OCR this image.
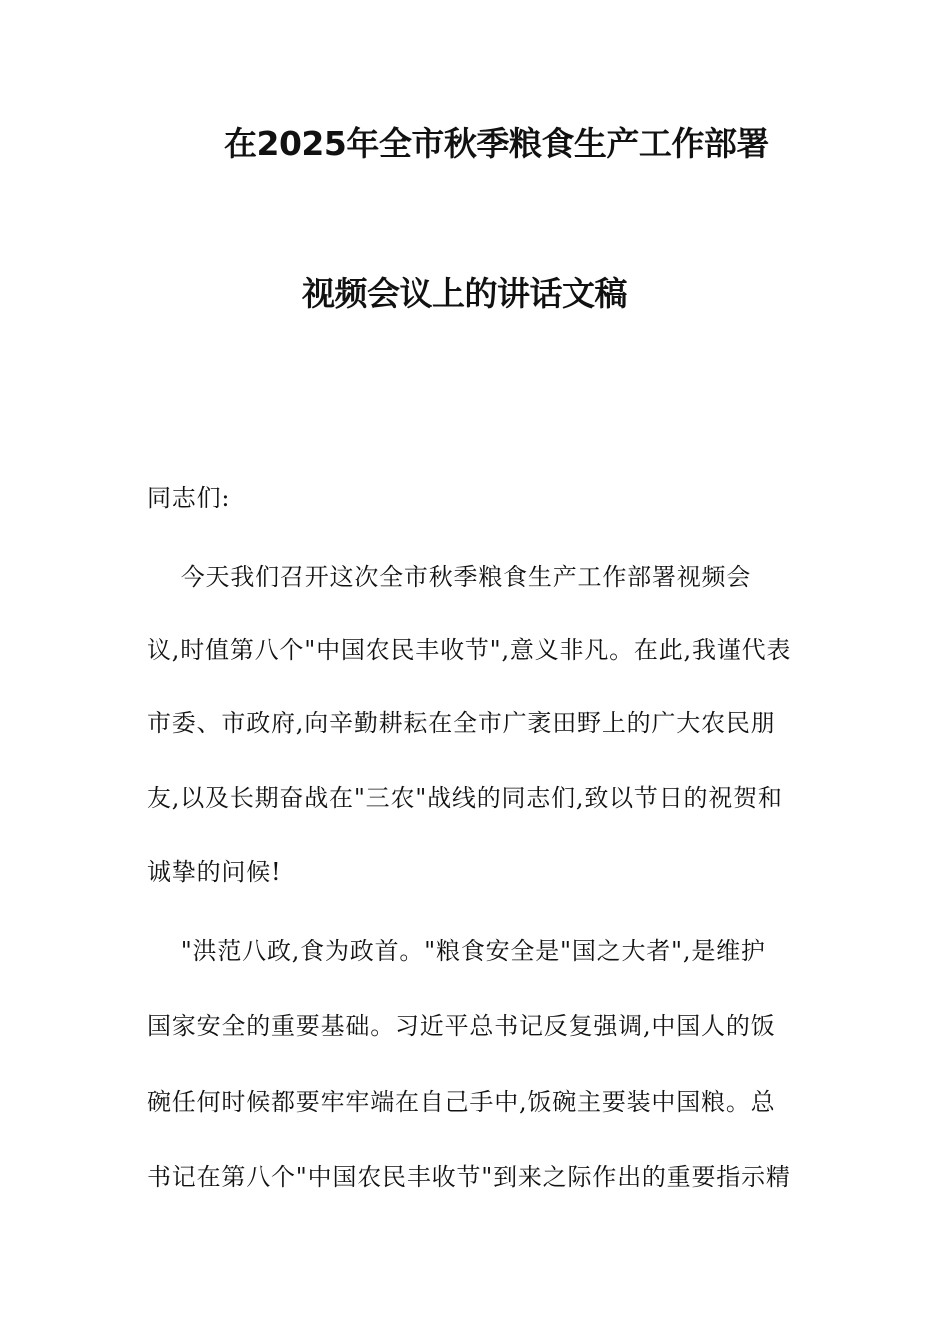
在2025年全市秋季粮食生产工作部署
视频会议上的讲话文稿
同志们:
今天我们召开这次全市秋季粮食生产工作部署视频会
议,时值第八个"中国农民丰收节",意义非凡。在此,我谨代表
市委、市政府,向辛勤耕耘在全市广袤田野上的广大农民朋
友,以及长期奋战在"三农"战线的同志们,致以节日的祝贺和
诚挚的问候!
"洪范八政,食为政首。"粮食安全是"国之大者",是维护
国家安全的重要基础。习近平总书记反复强调,中国人的饭
碗任何时候都要牢牢端在自己手中,饭碗主要装中国粮。总
书记在第八个"中国农民丰收节"到来之际作出的重要指示精
